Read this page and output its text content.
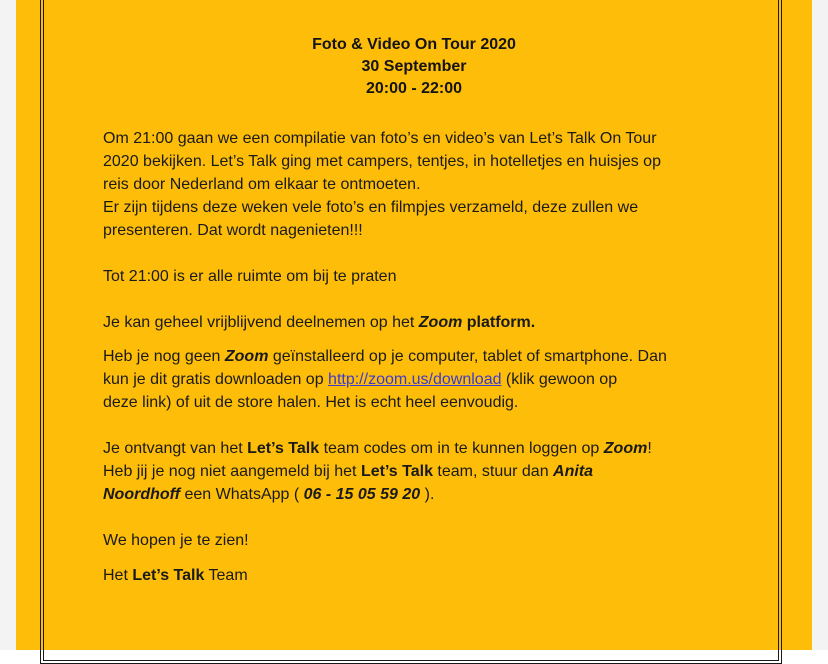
Foto & Video On Tour 2020
30 September
20:00 - 22:00

Om 21:00 gaan we een compilatie van foto’s en video’s van Let’s Talk On Tour
2020 bekijken. Let’s Talk ging met campers, tentjes, in hotelletjes en huisjes op
reis door Nederland om elkaar te ontmoeten.
Er zijn tijdens deze weken vele foto’s en filmpjes verzameld, deze zullen we
presenteren. Dat wordt nagenieten!!!

Tot 21:00 is er alle ruimte om bij te praten

Je kan geheel vrijblijvend deelnemen op het Zoom platform.

Heb je nog geen Zoom geïnstalleerd op je computer, tablet of smartphone. Dan
kun je dit gratis downloaden op http://zoom.us/download (klik gewoon op
deze link) of uit de store halen. Het is echt heel eenvoudig.

Je ontvangt van het Let’s Talk team codes om in te kunnen loggen op Zoom!
Heb jij je nog niet aangemeld bij het Let’s Talk team, stuur dan Anita
Noordhoff een WhatsApp ( 06 - 15 05 59 20 ).

We hopen je te zien!

Het Let’s Talk Team
